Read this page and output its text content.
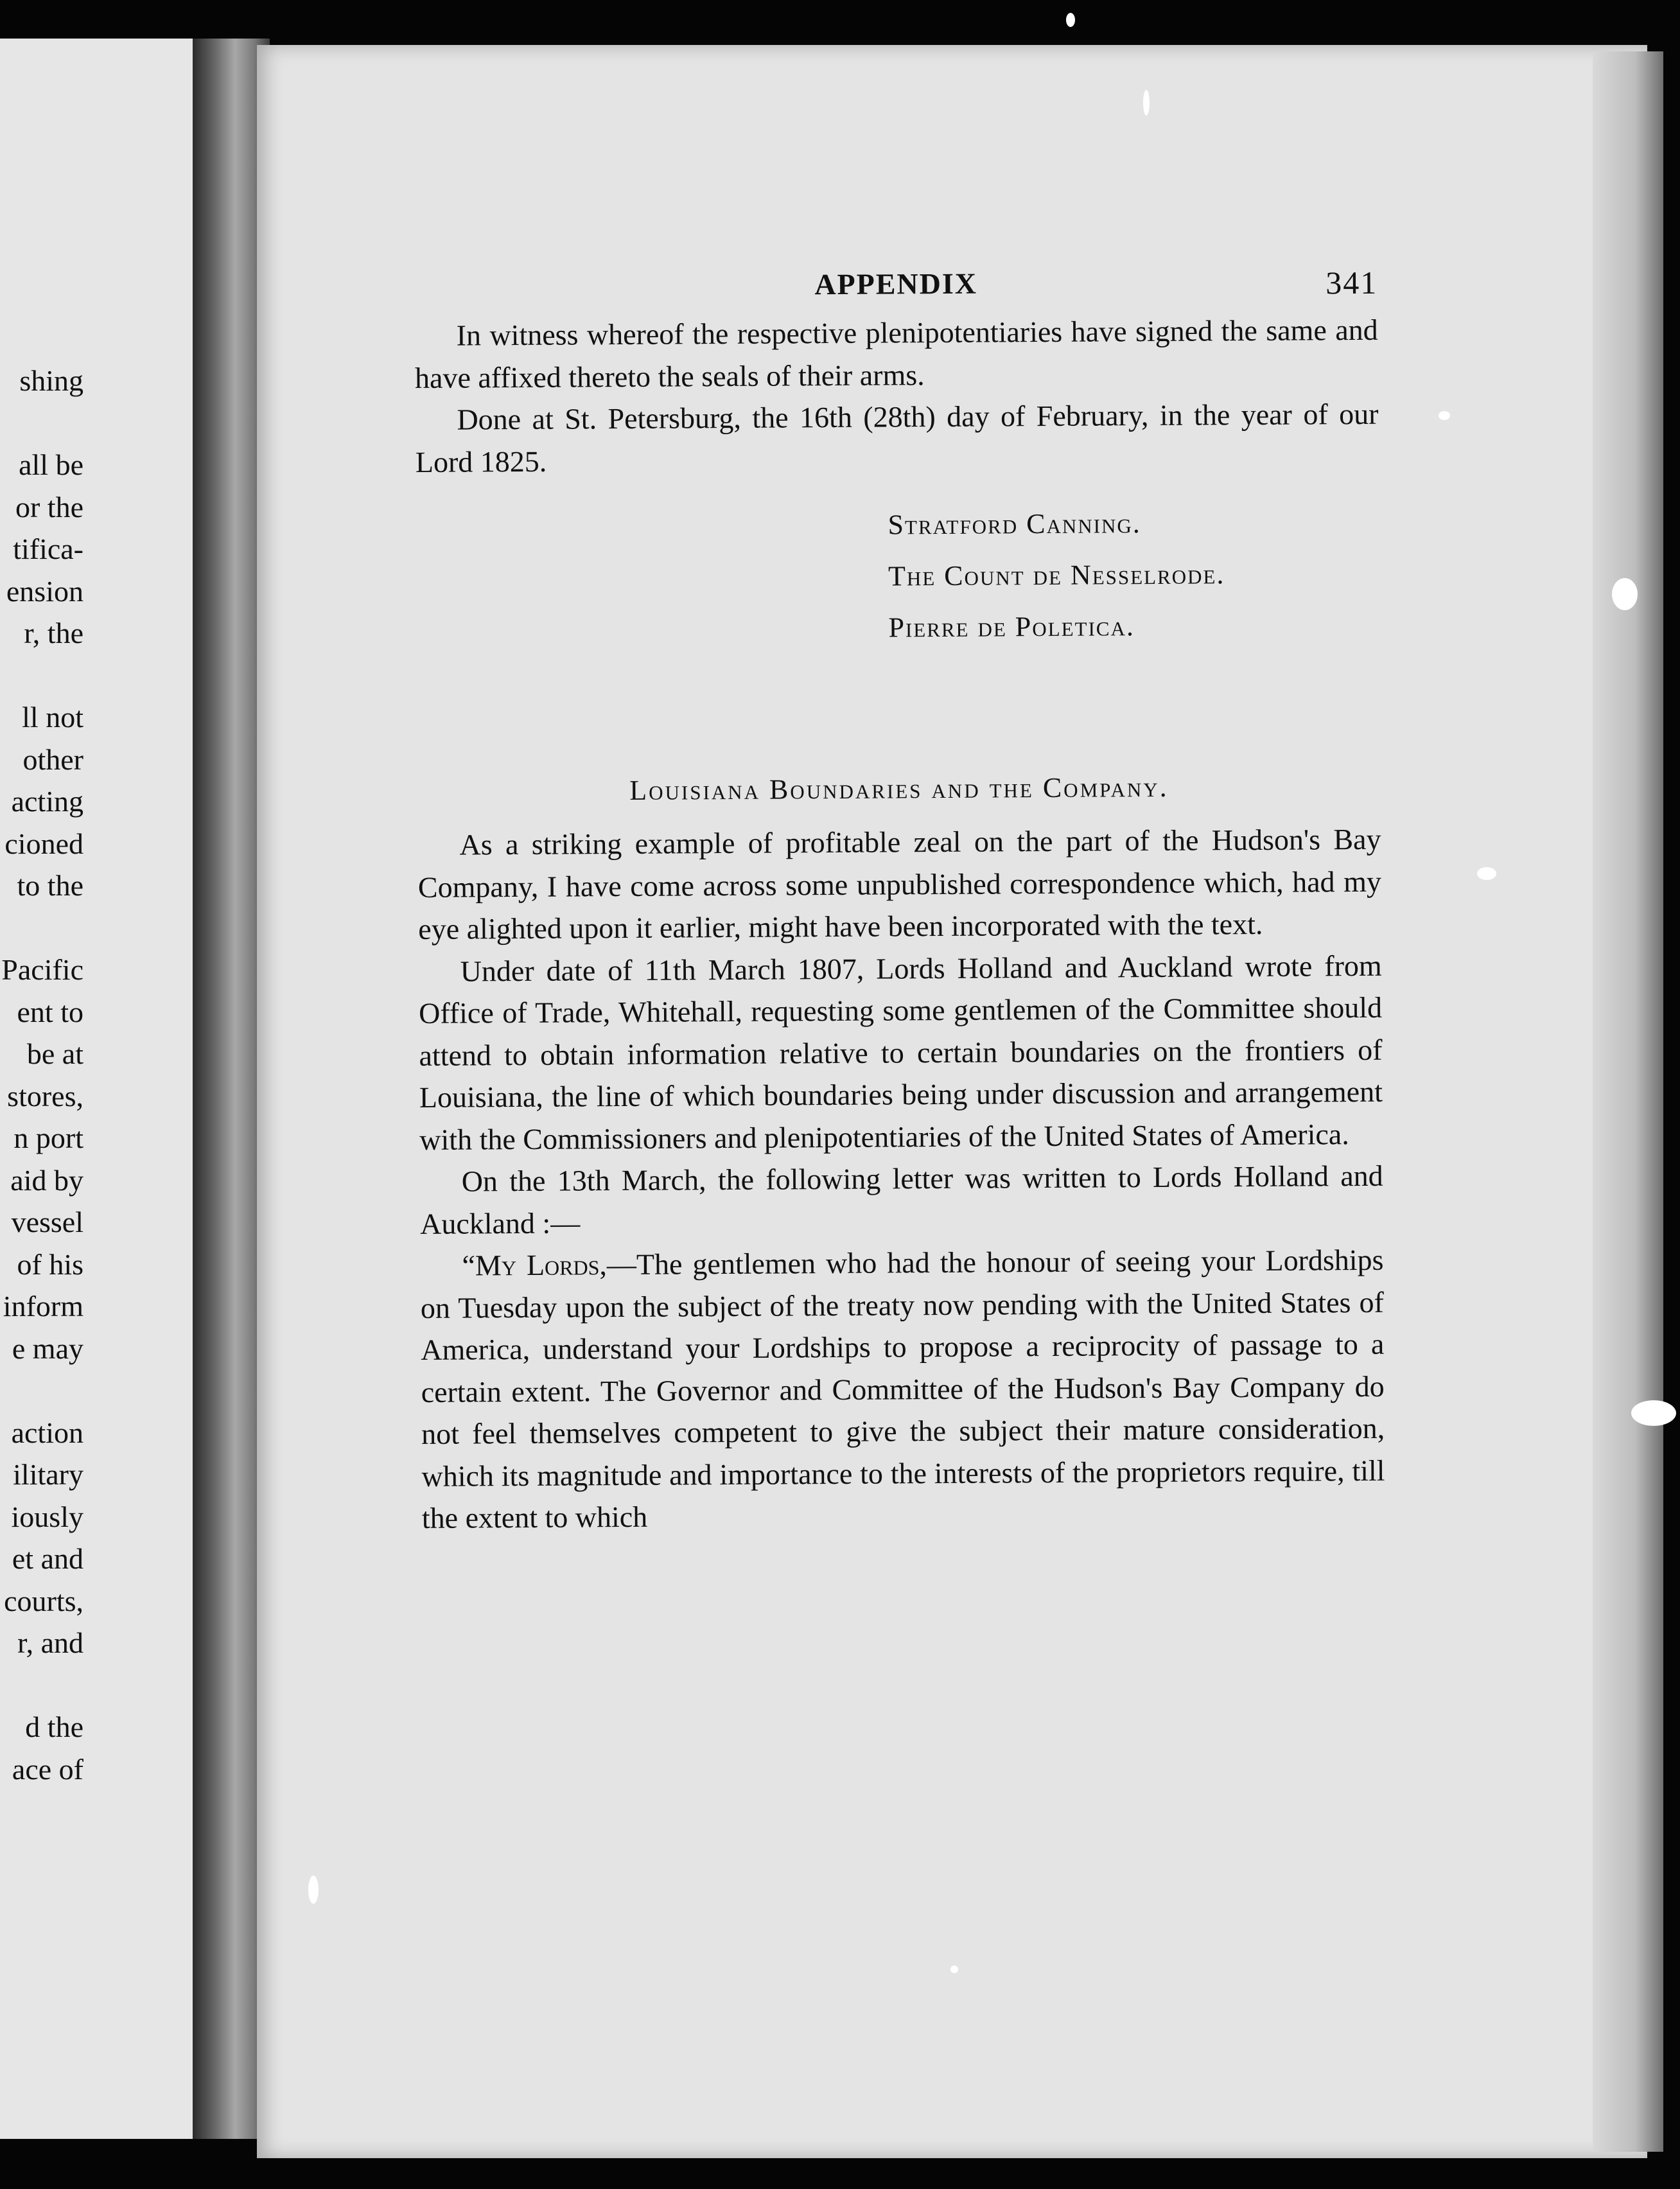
shing
all be
or the
tifica-
ension
r, the
ll not
other
acting
cioned
to the
Pacific
ent to
be at
stores,
n port
aid by
vessel
of his
inform
e may
action
ilitary
iously
et and
courts,
r, and
d the
ace of
APPENDIX	341

In witness whereof the respective plenipotentiaries have signed the same and have affixed thereto the seals of their arms.

Done at St. Petersburg, the 16th (28th) day of February, in the year of our Lord 1825.

Stratford Canning.
The Count de Nesselrode.
Pierre de Poletica.
Louisiana Boundaries and the Company.

As a striking example of profitable zeal on the part of the Hudson's Bay Company, I have come across some unpublished correspondence which, had my eye alighted upon it earlier, might have been incorporated with the text.

Under date of 11th March 1807, Lords Holland and Auckland wrote from Office of Trade, Whitehall, requesting some gentlemen of the Committee should attend to obtain information relative to certain boundaries on the frontiers of Louisiana, the line of which boundaries being under discussion and arrangement with the Commissioners and plenipotentiaries of the United States of America.

On the 13th March, the following letter was written to Lords Holland and Auckland :—

“My Lords,—The gentlemen who had the honour of seeing your Lordships on Tuesday upon the subject of the treaty now pending with the United States of America, understand your Lordships to propose a reciprocity of passage to a certain extent. The Governor and Committee of the Hudson's Bay Company do not feel themselves competent to give the subject their mature consideration, which its magnitude and importance to the interests of the proprietors require, till the extent to which
